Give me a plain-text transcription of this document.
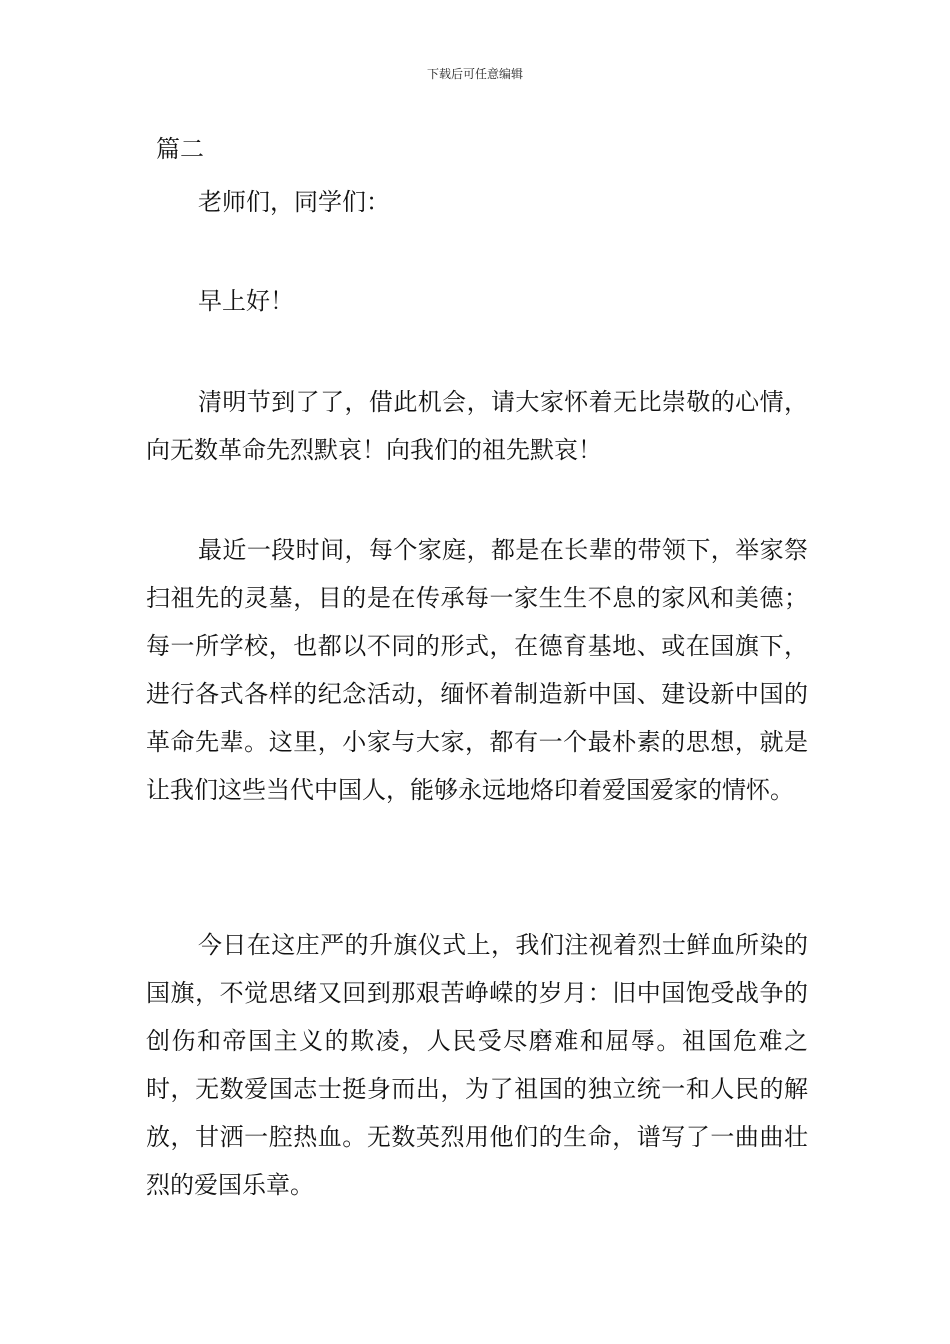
下载后可任意编辑
篇二

老师们，同学们：

早上好！

清明节到了了，借此机会，请大家怀着无比崇敬的心情，向无数革命先烈默哀！向我们的祖先默哀！

最近一段时间，每个家庭，都是在长辈的带领下，举家祭扫祖先的灵墓，目的是在传承每一家生生不息的家风和美德；每一所学校，也都以不同的形式，在德育基地、或在国旗下，进行各式各样的纪念活动，缅怀着制造新中国、建设新中国的革命先辈。这里，小家与大家，都有一个最朴素的思想，就是让我们这些当代中国人，能够永远地烙印着爱国爱家的情怀。

今日在这庄严的升旗仪式上，我们注视着烈士鲜血所染的国旗，不觉思绪又回到那艰苦峥嵘的岁月：旧中国饱受战争的创伤和帝国主义的欺凌，人民受尽磨难和屈辱。祖国危难之时，无数爱国志士挺身而出，为了祖国的独立统一和人民的解放，甘洒一腔热血。无数英烈用他们的生命，谱写了一曲曲壮烈的爱国乐章。
